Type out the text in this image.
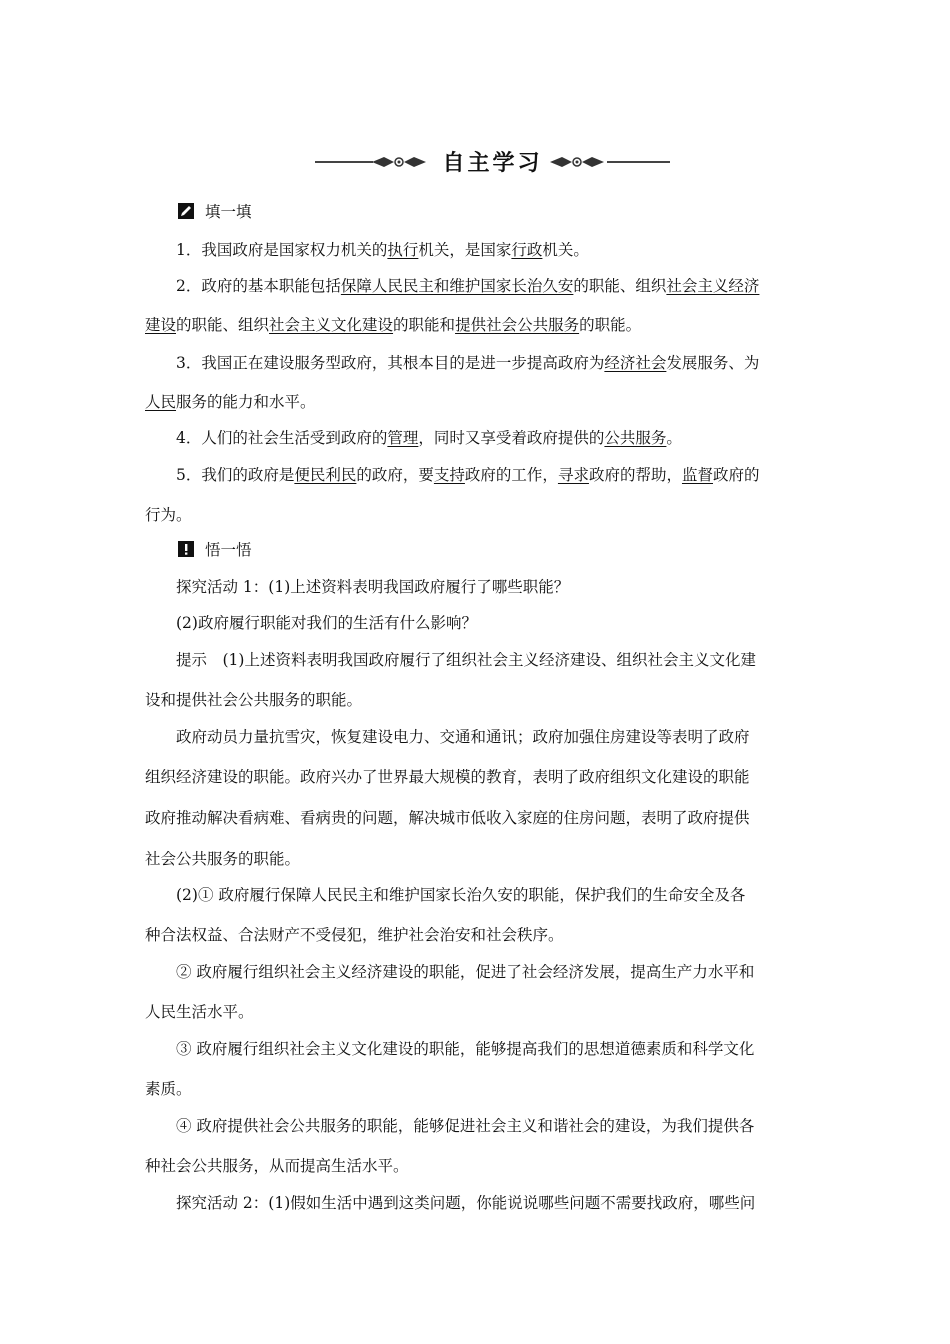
自主学习
填一填
1．我国政府是国家权力机关的执行机关，是国家行政机关。
2．政府的基本职能包括保障人民民主和维护国家长治久安的职能、组织社会主义经济
建设的职能、组织社会主义文化建设的职能和提供社会公共服务的职能。
3．我国正在建设服务型政府，其根本目的是进一步提高政府为经济社会发展服务、为
人民服务的能力和水平。
4．人们的社会生活受到政府的管理，同时又享受着政府提供的公共服务。
5．我们的政府是便民利民的政府，要支持政府的工作，寻求政府的帮助，监督政府的
行为。
悟一悟
探究活动 1：(1)上述资料表明我国政府履行了哪些职能？
(2)政府履行职能对我们的生活有什么影响？
提示　(1)上述资料表明我国政府履行了组织社会主义经济建设、组织社会主义文化建
设和提供社会公共服务的职能。
政府动员力量抗雪灾，恢复建设电力、交通和通讯；政府加强住房建设等表明了政府
组织经济建设的职能。政府兴办了世界最大规模的教育，表明了政府组织文化建设的职能
政府推动解决看病难、看病贵的问题，解决城市低收入家庭的住房问题，表明了政府提供
社会公共服务的职能。
(2)① 政府履行保障人民民主和维护国家长治久安的职能，保护我们的生命安全及各
种合法权益、合法财产不受侵犯，维护社会治安和社会秩序。
② 政府履行组织社会主义经济建设的职能，促进了社会经济发展，提高生产力水平和
人民生活水平。
③ 政府履行组织社会主义文化建设的职能，能够提高我们的思想道德素质和科学文化
素质。
④ 政府提供社会公共服务的职能，能够促进社会主义和谐社会的建设，为我们提供各
种社会公共服务，从而提高生活水平。
探究活动 2：(1)假如生活中遇到这类问题，你能说说哪些问题不需要找政府，哪些问
